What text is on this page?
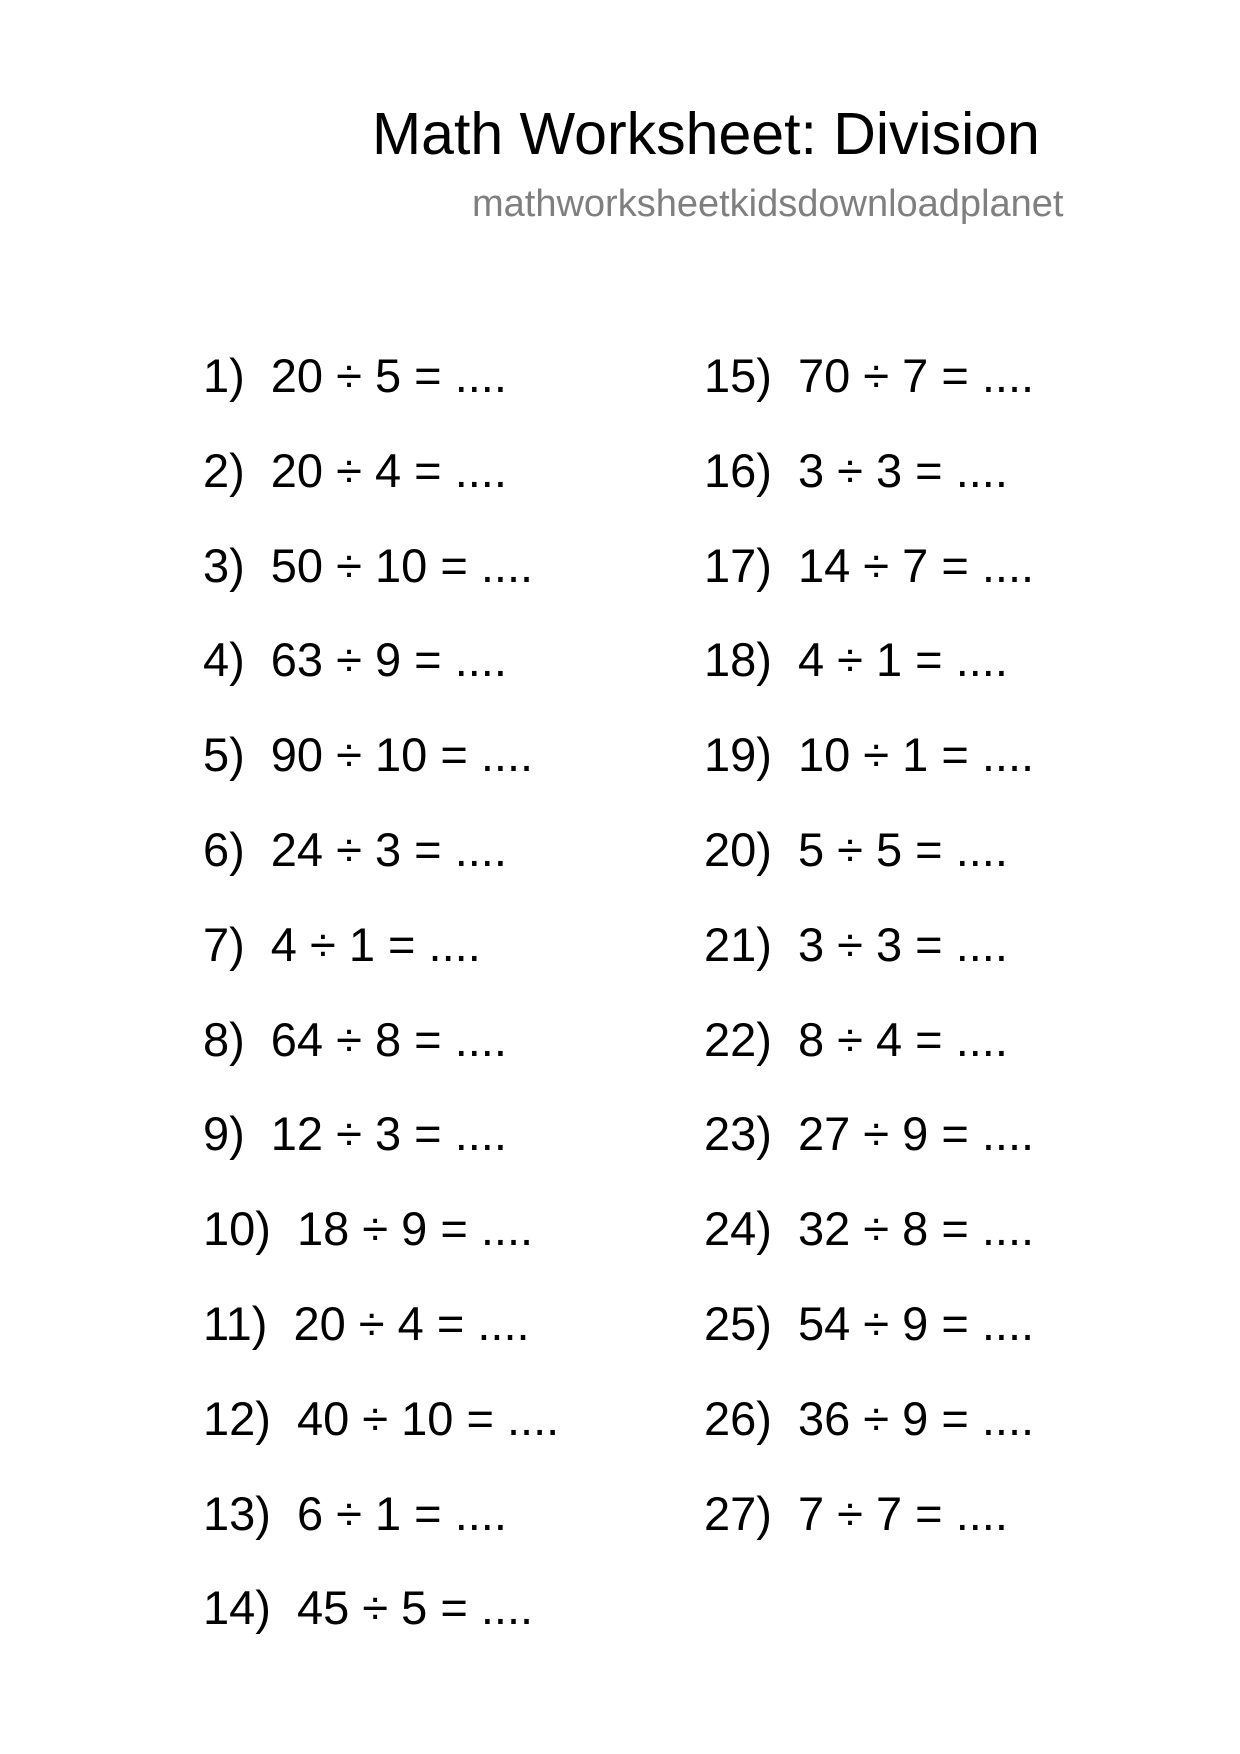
Math Worksheet: Division
mathworksheetkidsdownloadplanet
1) 20 ÷ 5 = ....
2) 20 ÷ 4 = ....
3) 50 ÷ 10 = ....
4) 63 ÷ 9 = ....
5) 90 ÷ 10 = ....
6) 24 ÷ 3 = ....
7) 4 ÷ 1 = ....
8) 64 ÷ 8 = ....
9) 12 ÷ 3 = ....
10) 18 ÷ 9 = ....
11) 20 ÷ 4 = ....
12) 40 ÷ 10 = ....
13) 6 ÷ 1 = ....
14) 45 ÷ 5 = ....
15) 70 ÷ 7 = ....
16) 3 ÷ 3 = ....
17) 14 ÷ 7 = ....
18) 4 ÷ 1 = ....
19) 10 ÷ 1 = ....
20) 5 ÷ 5 = ....
21) 3 ÷ 3 = ....
22) 8 ÷ 4 = ....
23) 27 ÷ 9 = ....
24) 32 ÷ 8 = ....
25) 54 ÷ 9 = ....
26) 36 ÷ 9 = ....
27) 7 ÷ 7 = ....
